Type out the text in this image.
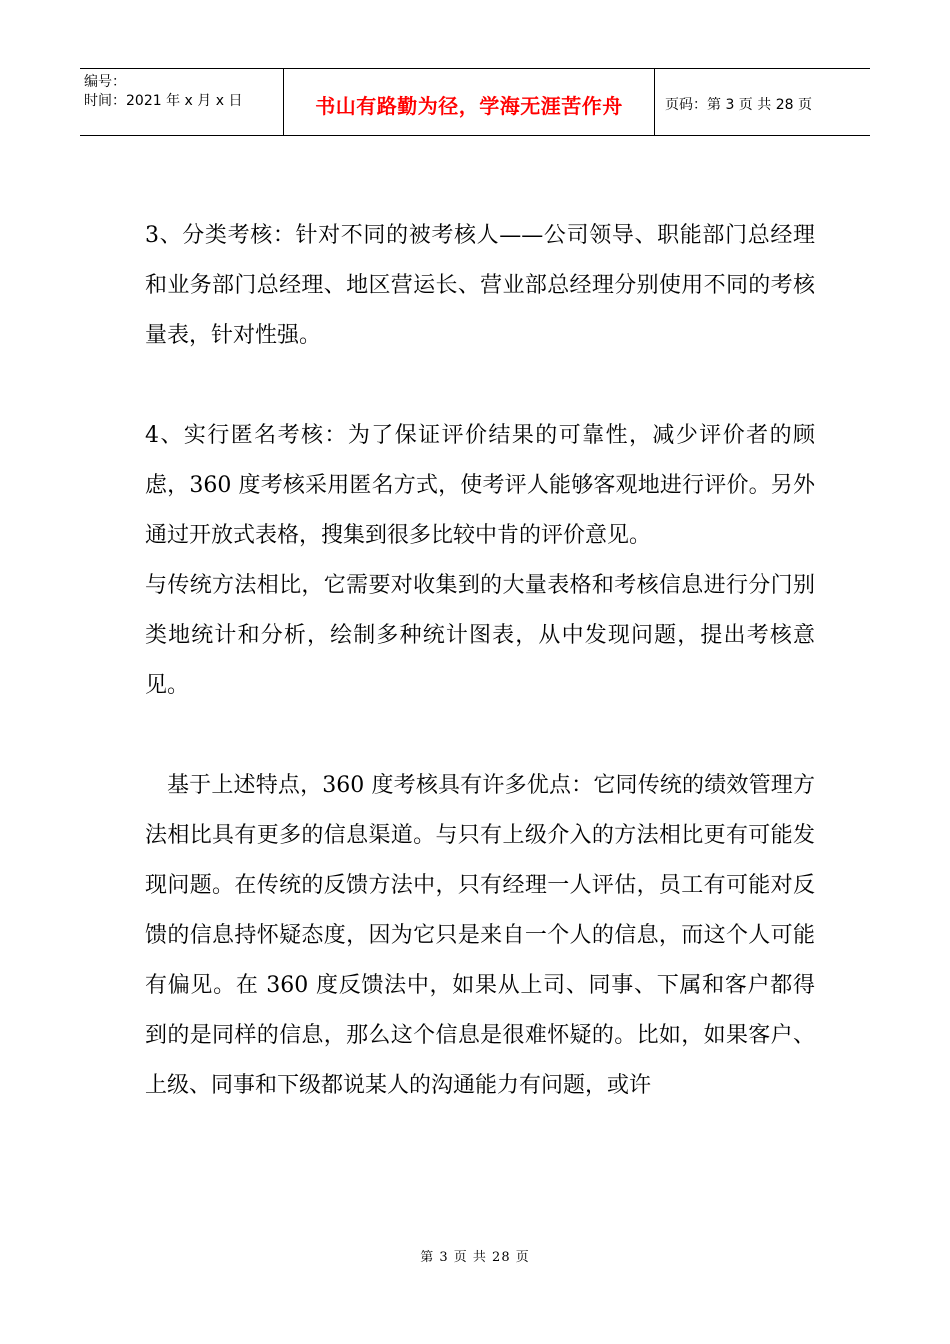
编号：
时间：2021 年 x 月 x 日	书山有路勤为径，学海无涯苦作舟	页码：第 3 页 共 28 页

3、分类考核：针对不同的被考核人——公司领导、职能部门总经理和业务部门总经理、地区营运长、营业部总经理分别使用不同的考核量表，针对性强。

4、实行匿名考核：为了保证评价结果的可靠性，减少评价者的顾虑，360 度考核采用匿名方式，使考评人能够客观地进行评价。另外通过开放式表格，搜集到很多比较中肯的评价意见。

与传统方法相比，它需要对收集到的大量表格和考核信息进行分门别类地统计和分析，绘制多种统计图表，从中发现问题，提出考核意见。

基于上述特点，360 度考核具有许多优点：它同传统的绩效管理方法相比具有更多的信息渠道。与只有上级介入的方法相比更有可能发现问题。在传统的反馈方法中，只有经理一人评估，员工有可能对反馈的信息持怀疑态度，因为它只是来自一个人的信息，而这个人可能有偏见。在 360 度反馈法中，如果从上司、同事、下属和客户都得到的是同样的信息，那么这个信息是很难怀疑的。比如，如果客户、上级、同事和下级都说某人的沟通能力有问题，或许

第 3 页 共 28 页
